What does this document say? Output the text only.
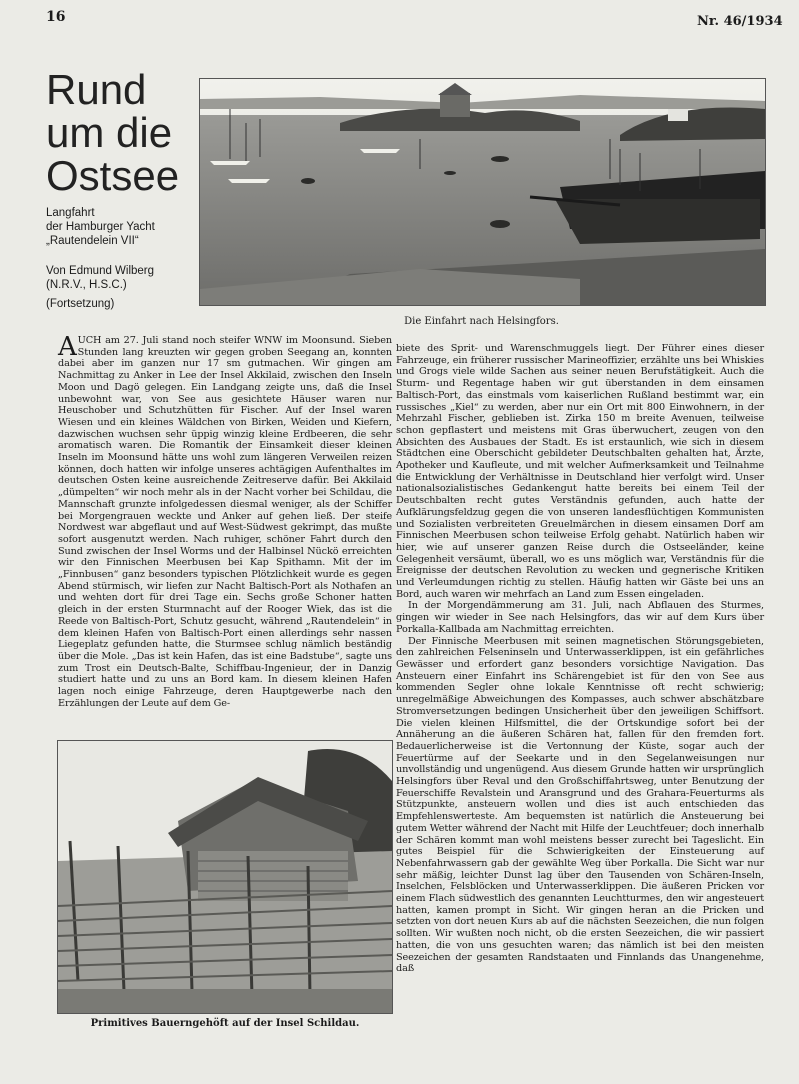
16	Nr. 46/1934
Rund
um die
Ostsee
Langfahrt
der Hamburger Yacht
„Rautendelein VII“
Von Edmund Wilberg
(N.R.V., H.S.C.)
(Fortsetzung)
Die Einfahrt nach Helsingfors.
A UCH am 27. Juli stand noch steifer WNW im Moonsund. Sieben Stunden lang kreuzten wir gegen groben Seegang an, konnten dabei aber im ganzen nur 17 sm gutmachen. Wir gingen am Nachmittag zu Anker in Lee der Insel Akkilaid, zwischen den Inseln Moon und Dagö gelegen. Ein Landgang zeigte uns, daß die Insel unbewohnt war, von See aus gesichtete Häuser waren nur Heuschober und Schutzhütten für Fischer. Auf der Insel waren Wiesen und ein kleines Wäldchen von Birken, Weiden und Kiefern, dazwischen wuchsen sehr üppig winzig kleine Erdbeeren, die sehr aromatisch waren. Die Romantik der Einsamkeit dieser kleinen Inseln im Moonsund hätte uns wohl zum längeren Verweilen reizen können, doch hatten wir infolge unseres achtägigen Aufenthaltes im deutschen Osten keine ausreichende Zeitreserve dafür. Bei Akkilaid „dümpelten“ wir noch mehr als in der Nacht vorher bei Schildau, die Mannschaft grunzte infolgedessen diesmal weniger, als der Schiffer bei Morgengrauen weckte und Anker auf gehen ließ. Der steife Nordwest war abgeflaut und auf West-Südwest gekrimpt, das mußte sofort ausgenutzt werden. Nach ruhiger, schöner Fahrt durch den Sund zwischen der Insel Worms und der Halbinsel Nückö erreichten wir den Finnischen Meerbusen bei Kap Spithamn. Mit der im „Finnbusen“ ganz besonders typischen Plötzlichkeit wurde es gegen Abend stürmisch, wir liefen zur Nacht Baltisch-Port als Nothafen an und wehten dort für drei Tage ein. Sechs große Schoner hatten gleich in der ersten Sturmnacht auf der Rooger Wiek, das ist die Reede von Baltisch-Port, Schutz gesucht, während „Rautendelein“ in dem kleinen Hafen von Baltisch-Port einen allerdings sehr nassen Liegeplatz gefunden hatte, die Sturmsee schlug nämlich beständig über die Mole. „Das ist kein Hafen, das ist eine Badstube“, sagte uns zum Trost ein Deutsch-Balte, Schiffbau-Ingenieur, der in Danzig studiert hatte und zu uns an Bord kam. In diesem kleinen Hafen lagen noch einige Fahrzeuge, deren Hauptgewerbe nach den Erzählungen der Leute auf dem Ge-

Primitives Bauerngehöft auf der Insel Schildau.

biete des Sprit- und Warenschmuggels liegt. Der Führer eines dieser Fahrzeuge, ein früherer russischer Marineoffizier, erzählte uns bei Whiskies und Grogs viele wilde Sachen aus seiner neuen Berufstätigkeit. Auch die Sturm- und Regentage haben wir gut überstanden in dem einsamen Baltisch-Port, das einstmals vom kaiserlichen Rußland bestimmt war, ein russisches „Kiel“ zu werden, aber nur ein Ort mit 800 Einwohnern, in der Mehrzahl Fischer, geblieben ist. Zirka 150 m breite Avenuen, teilweise schon gepflastert und meistens mit Gras überwuchert, zeugen von den Absichten des Ausbaues der Stadt. Es ist erstaunlich, wie sich in diesem Städtchen eine Oberschicht gebildeter Deutschbalten gehalten hat, Ärzte, Apotheker und Kaufleute, und mit welcher Aufmerksamkeit und Teilnahme die Entwicklung der Verhältnisse in Deutschland hier verfolgt wird. Unser nationalsozialistisches Gedankengut hatte bereits bei einem Teil der Deutschbalten recht gutes Verständnis gefunden, auch hatte der Aufklärungsfeldzug gegen die von unseren landesflüchtigen Kommunisten und Sozialisten verbreiteten Greuelmärchen in diesem einsamen Dorf am Finnischen Meerbusen schon teilweise Erfolg gehabt. Natürlich haben wir hier, wie auf unserer ganzen Reise durch die Ostseeländer, keine Gelegenheit versäumt, überall, wo es uns möglich war, Verständnis für die Ereignisse der deutschen Revolution zu wecken und gegnerische Kritiken und Verleumdungen richtig zu stellen. Häufig hatten wir Gäste bei uns an Bord, auch waren wir mehrfach an Land zum Essen eingeladen.

In der Morgendämmerung am 31. Juli, nach Abflauen des Sturmes, gingen wir wieder in See nach Helsingfors, das wir auf dem Kurs über Porkalla-Kallbada am Nachmittag erreichten.

Der Finnische Meerbusen mit seinen magnetischen Störungsgebieten, den zahlreichen Felseninseln und Unterwasserklippen, ist ein gefährliches Gewässer und erfordert ganz besonders vorsichtige Navigation. Das Ansteuern einer Einfahrt ins Schärengebiet ist für den von See aus kommenden Segler ohne lokale Kenntnisse oft recht schwierig; unregelmäßige Abweichungen des Kompasses, auch schwer abschätzbare Stromversetzungen bedingen Unsicherheit über den jeweiligen Schiffsort. Die vielen kleinen Hilfsmittel, die der Ortskundige sofort bei der Annäherung an die äußeren Schären hat, fallen für den fremden fort. Bedauerlicherweise ist die Vertonnung der Küste, sogar auch der Feuertürme auf der Seekarte und in den Segelanweisungen nur unvollständig und ungenügend. Aus diesem Grunde hatten wir ursprünglich Helsingfors über Reval und den Großschiffahrtsweg, unter Benutzung der Feuerschiffe Revalstein und Aransgrund und des Grahara-Feuerturms als Stützpunkte, ansteuern wollen und dies ist auch entschieden das Empfehlenswerteste. Am bequemsten ist natürlich die Ansteuerung bei gutem Wetter während der Nacht mit Hilfe der Leuchtfeuer; doch innerhalb der Schären kommt man wohl meistens besser zurecht bei Tageslicht. Ein gutes Beispiel für die Schwierigkeiten der Einsteuerung auf Nebenfahrwassern gab der gewählte Weg über Porkalla. Die Sicht war nur sehr mäßig, leichter Dunst lag über den Tausenden von Schären-Inseln, Inselchen, Felsblöcken und Unterwasserklippen. Die äußeren Pricken vor einem Flach südwestlich des genannten Leuchtturmes, den wir angesteuert hatten, kamen prompt in Sicht. Wir gingen heran an die Pricken und setzten von dort neuen Kurs ab auf die nächsten Seezeichen, die nun folgen sollten. Wir wußten noch nicht, ob die ersten Seezeichen, die wir passiert hatten, die von uns gesuchten waren; das nämlich ist bei den meisten Seezeichen der gesamten Randstaaten und Finnlands das Unangenehme, daß
